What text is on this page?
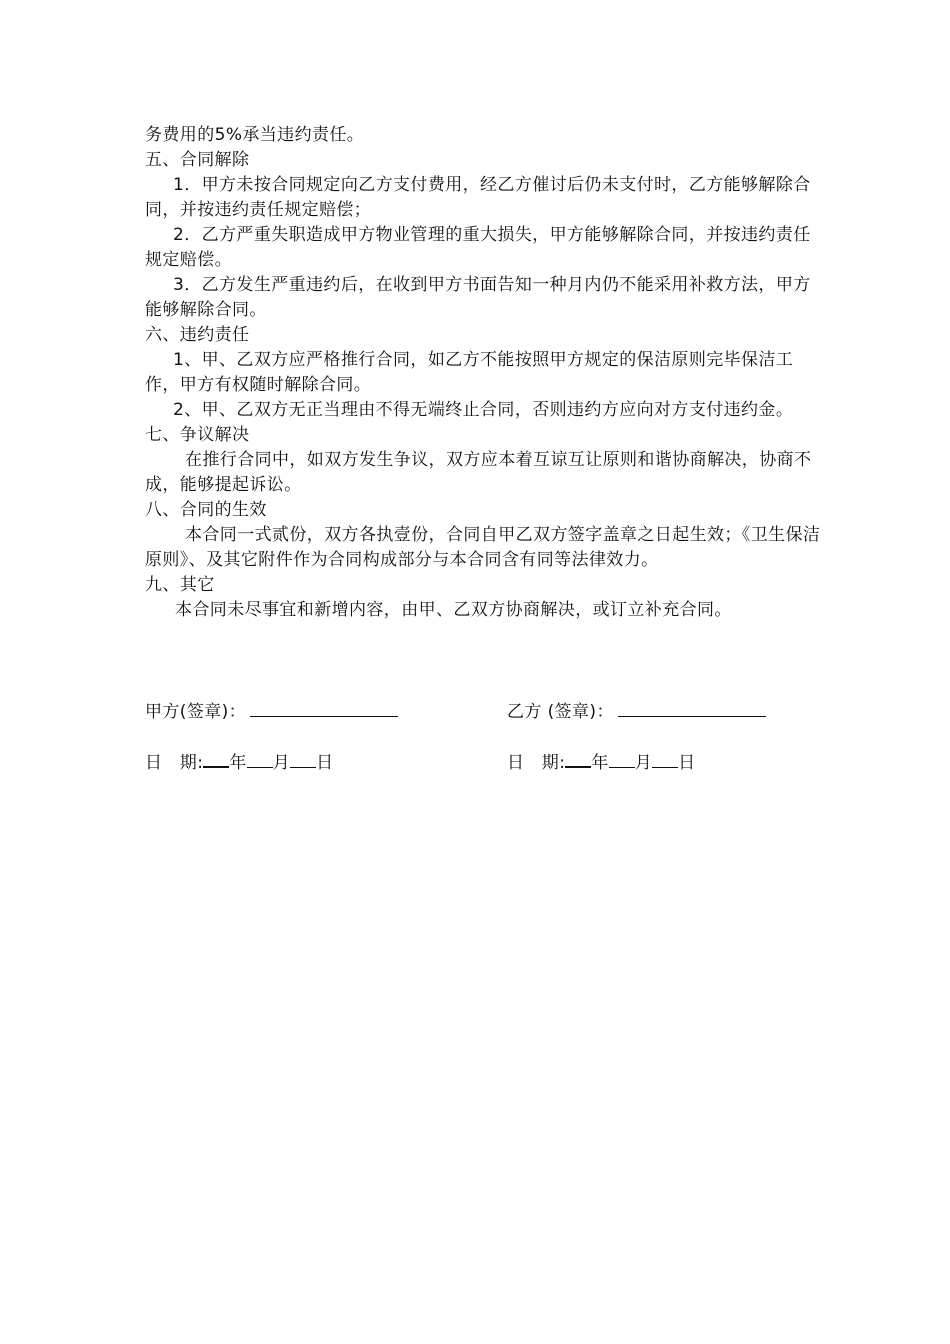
务费用的5%承当违约责任。

五、合同解除

1．甲方未按合同规定向乙方支付费用，经乙方催讨后仍未支付时，乙方能够解除合同，并按违约责任规定赔偿；

2．乙方严重失职造成甲方物业管理的重大损失，甲方能够解除合同，并按违约责任规定赔偿。

3．乙方发生严重违约后，在收到甲方书面告知一种月内仍不能采用补救方法，甲方能够解除合同。

六、违约责任

1、甲、乙双方应严格推行合同，如乙方不能按照甲方规定的保洁原则完毕保洁工作，甲方有权随时解除合同。

2、甲、乙双方无正当理由不得无端终止合同，否则违约方应向对方支付违约金。

七、争议解决

在推行合同中，如双方发生争议，双方应本着互谅互让原则和谐协商解决，协商不成，能够提起诉讼。

八、合同的生效

本合同一式贰份，双方各执壹份，合同自甲乙双方签字盖章之日起生效；《卫生保洁原则》、及其它附件作为合同构成部分与本合同含有同等法律效力。

九、其它

本合同未尽事宜和新增内容，由甲、乙双方协商解决，或订立补充合同。

甲方(签章)：	乙方 (签章)：
日　期: 年 月 日	日　期: 年 月 日
